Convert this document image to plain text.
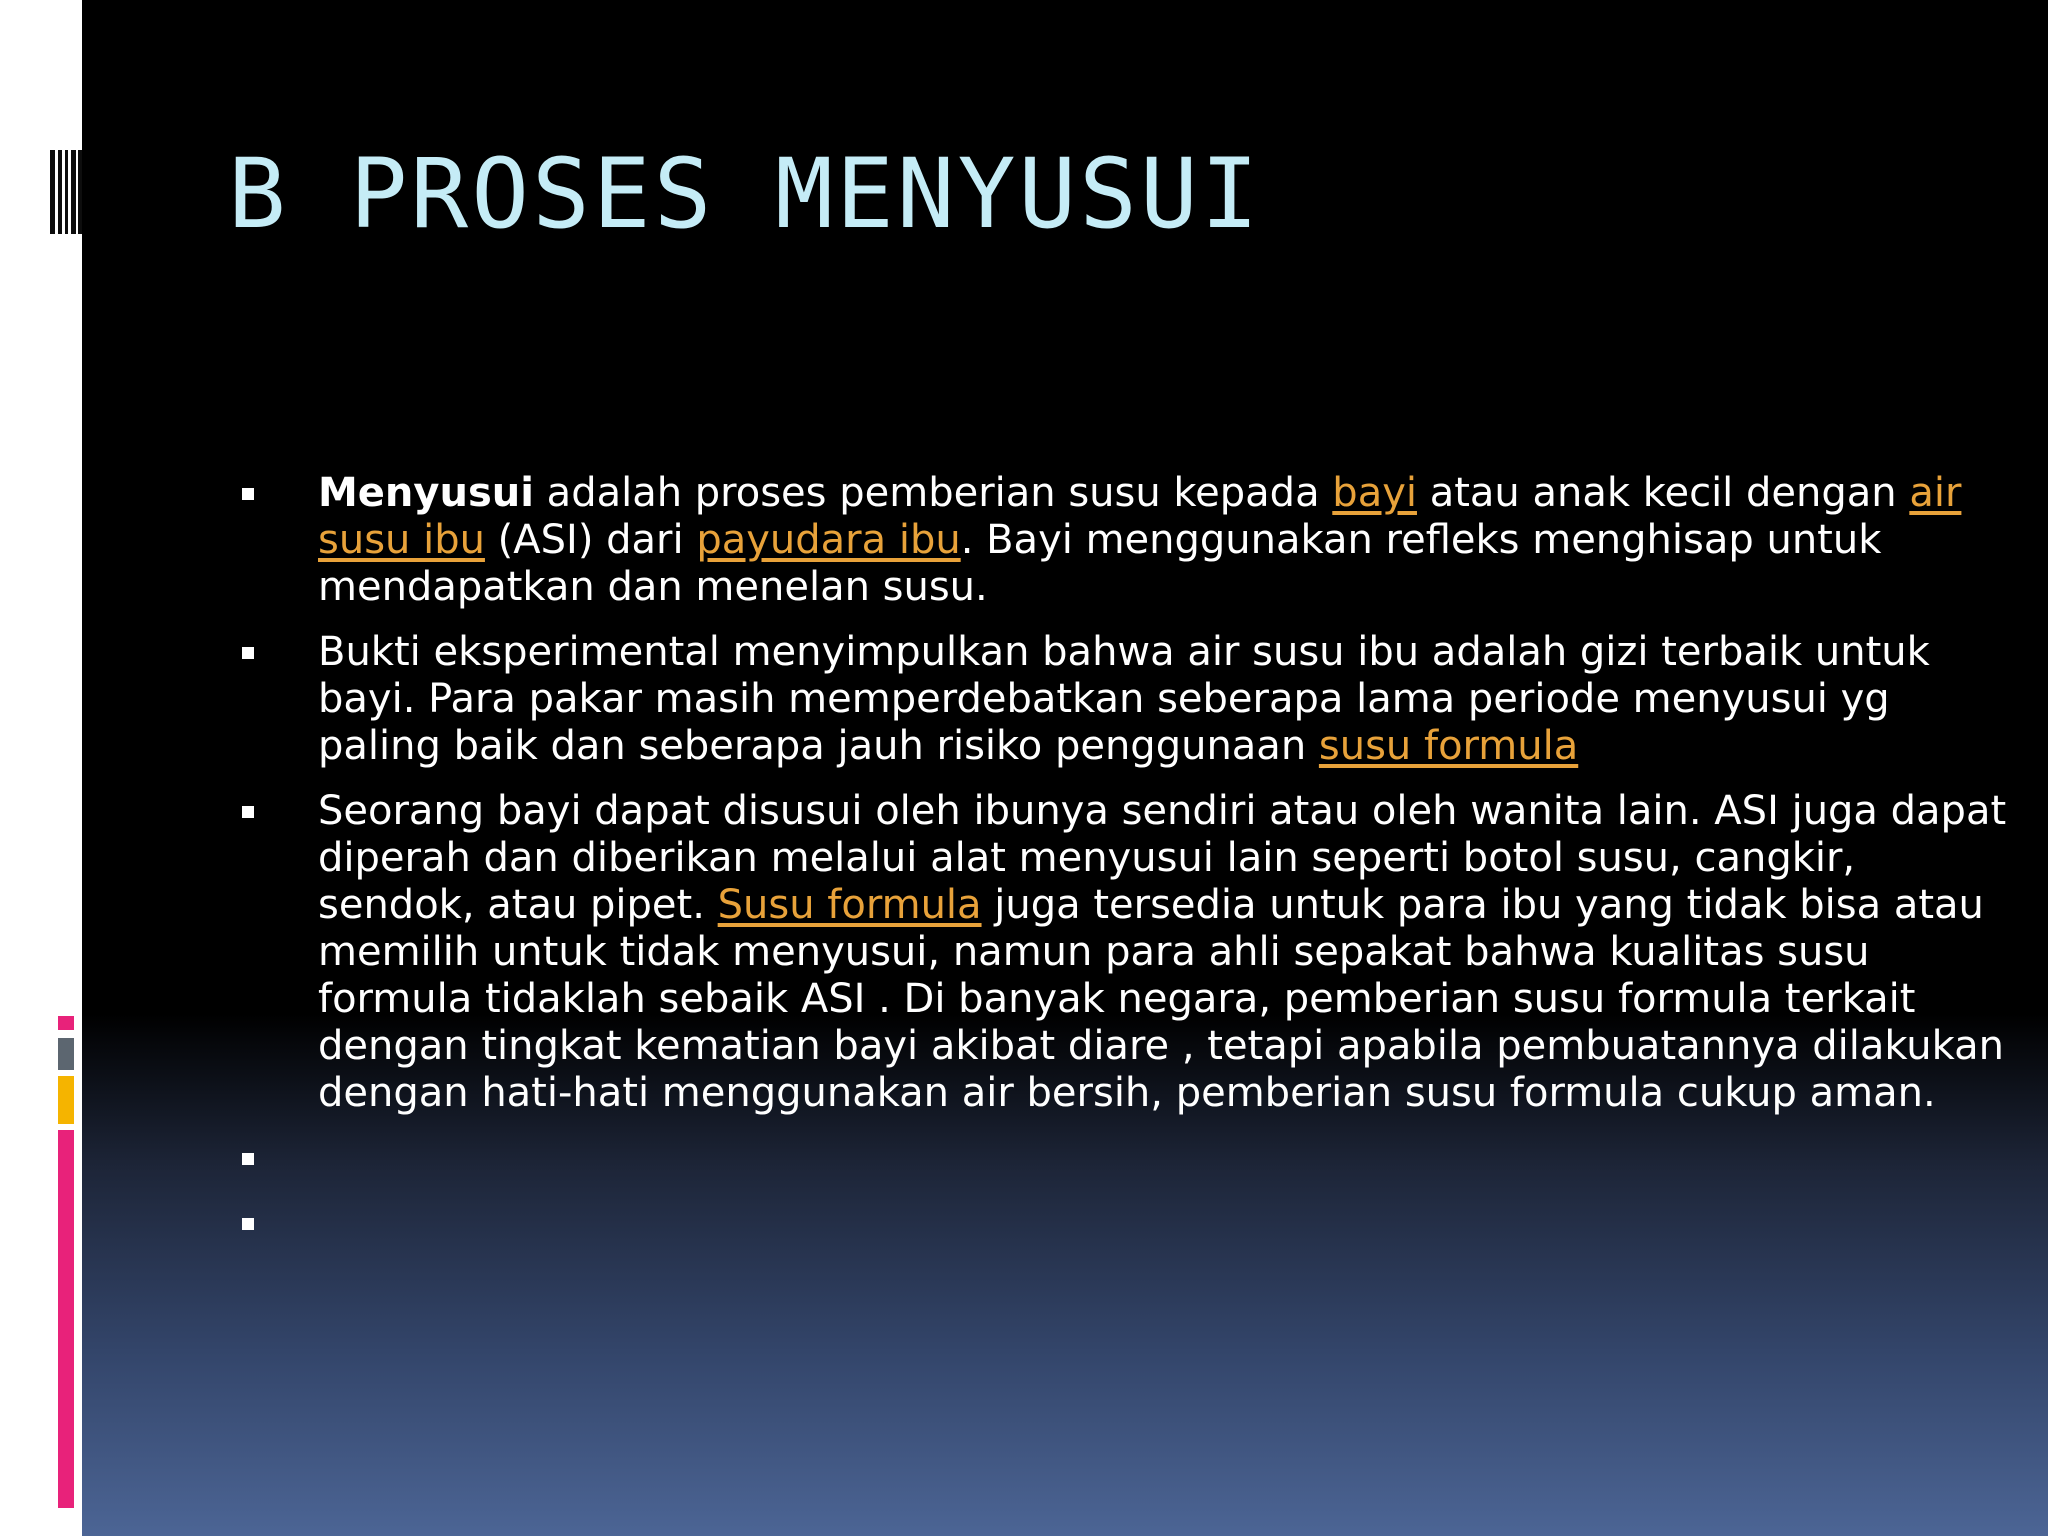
B PROSES MENYUSUI
Menyusui adalah proses pemberian susu kepada bayi atau anak kecil dengan air susu ibu (ASI) dari payudara ibu. Bayi menggunakan refleks menghisap untuk mendapatkan dan menelan susu.
Bukti eksperimental menyimpulkan bahwa air susu ibu adalah gizi terbaik untuk bayi. Para pakar masih memperdebatkan seberapa lama periode menyusui yg paling baik dan seberapa jauh risiko penggunaan susu formula
Seorang bayi dapat disusui oleh ibunya sendiri atau oleh wanita lain. ASI juga dapat diperah dan diberikan melalui alat menyusui lain seperti botol susu, cangkir, sendok, atau pipet. Susu formula juga tersedia untuk para ibu yang tidak bisa atau memilih untuk tidak menyusui, namun para ahli sepakat bahwa kualitas susu formula tidaklah sebaik ASI . Di banyak negara, pemberian susu formula terkait dengan tingkat kematian bayi akibat diare , tetapi apabila pembuatannya dilakukan dengan hati-hati menggunakan air bersih, pemberian susu formula cukup aman.
